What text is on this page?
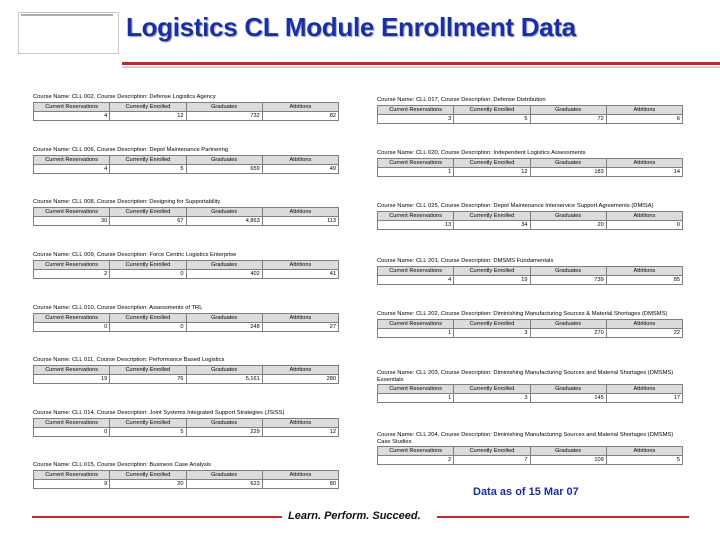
Logistics CL Module Enrollment Data
Course Name: CLL 002, Course Description: Defense Logistics Agency
Current Reservations	Currently Enrolled	Graduates	Attritions
4	12	732	82
Course Name: CLL 006, Course Description: Depot Maintenance Partnering
Current Reservations	Currently Enrolled	Graduates	Attritions
4	5	659	49
Course Name: CLL 008, Course Description: Designing for Supportability
Current Reservations	Currently Enrolled	Graduates	Attritions
30	67	4,863	113
Course Name: CLL 009, Course Description: Force Centric Logistics Enterprise
Current Reservations	Currently Enrolled	Graduates	Attritions
2	0	402	41
Course Name: CLL 010, Course Description: Assessments of TRL
Current Reservations	Currently Enrolled	Graduates	Attritions
0	0	248	27
Course Name: CLL 011, Course Description: Performance Based Logistics
Current Reservations	Currently Enrolled	Graduates	Attritions
19	76	5,161	280
Course Name: CLL 014, Course Description: Joint Systems Integrated Support Strategies (JSISS)
Current Reservations	Currently Enrolled	Graduates	Attritions
0	5	229	12
Course Name: CLL 015, Course Description: Business Case Analysis
Current Reservations	Currently Enrolled	Graduates	Attritions
9	20	623	80
Course Name: CLL 017, Course Description: Defense Distribution
Current Reservations	Currently Enrolled	Graduates	Attritions
3	5	72	6
Course Name: CLL 020, Course Description: Independent Logistics Assessments
Current Reservations	Currently Enrolled	Graduates	Attritions
1	12	183	14
Course Name: CLL 025, Course Description: Depot Maintenance Interservice Support Agreements (DMISA)
Current Reservations	Currently Enrolled	Graduates	Attritions
13	34	20	0
Course Name: CLL 201, Course Description: DMSMS Fundamentals
Current Reservations	Currently Enrolled	Graduates	Attritions
4	19	739	85
Course Name: CLL 202, Course Description: Diminishing Manufacturing Sources & Material Shortages (DMSMS)
Current Reservations	Currently Enrolled	Graduates	Attritions
1	3	270	22
Course Name: CLL 203, Course Description: Diminishing Manufacturing Sources and Material Shortages (DMSMS) Essentials
Current Reservations	Currently Enrolled	Graduates	Attritions
1	3	145	17
Course Name: CLL 204, Course Description: Diminishing Manufacturing Sources and Material Shortages (DMSMS) Case Studies
Current Reservations	Currently Enrolled	Graduates	Attritions
2	7	109	5
Data as of 15 Mar 07
Learn. Perform. Succeed.
